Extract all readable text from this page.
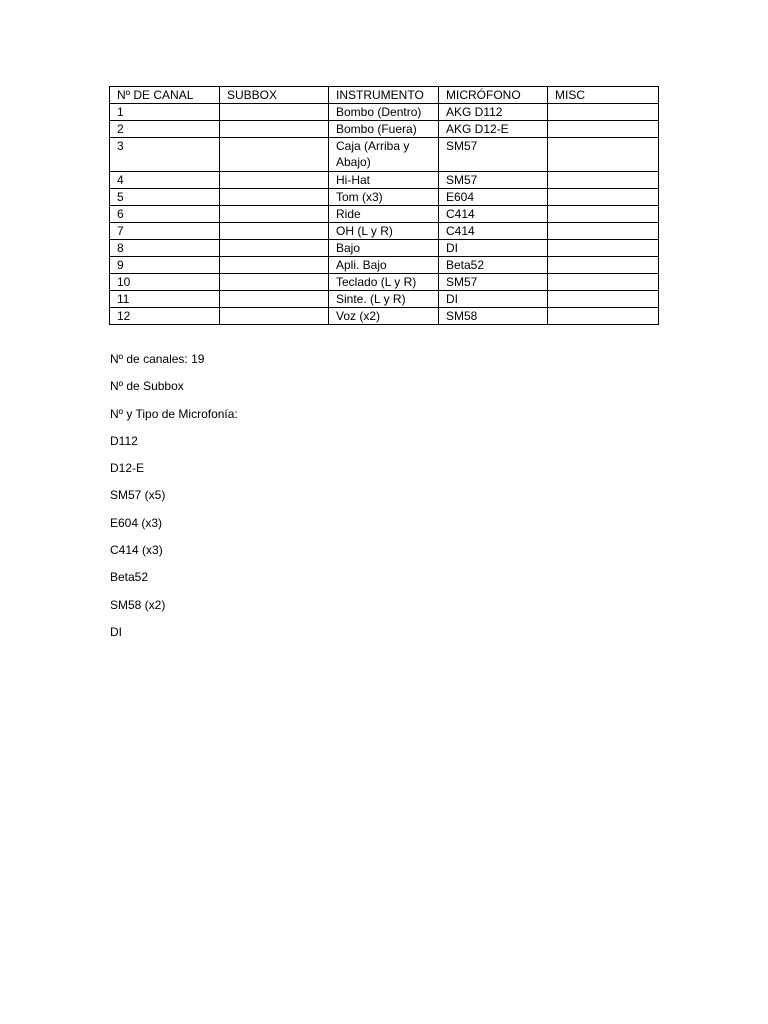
Nº DE CANAL	SUBBOX	INSTRUMENTO	MICRÓFONO	MISC
1		Bombo (Dentro)	AKG D112	
2		Bombo (Fuera)	AKG D12-E	
3		Caja (Arriba y Abajo)	SM57	
4		Hi-Hat	SM57	
5		Tom (x3)	E604	
6		Ride	C414	
7		OH (L y R)	C414	
8		Bajo	DI	
9		Apli. Bajo	Beta52	
10		Teclado (L y R)	SM57	
11		Sinte. (L y R)	DI	
12		Voz (x2)	SM58	

Nº de canales: 19

Nº de Subbox

Nº y Tipo de Microfonía:

D112

D12-E

SM57 (x5)

E604 (x3)

C414 (x3)

Beta52

SM58 (x2)

DI
